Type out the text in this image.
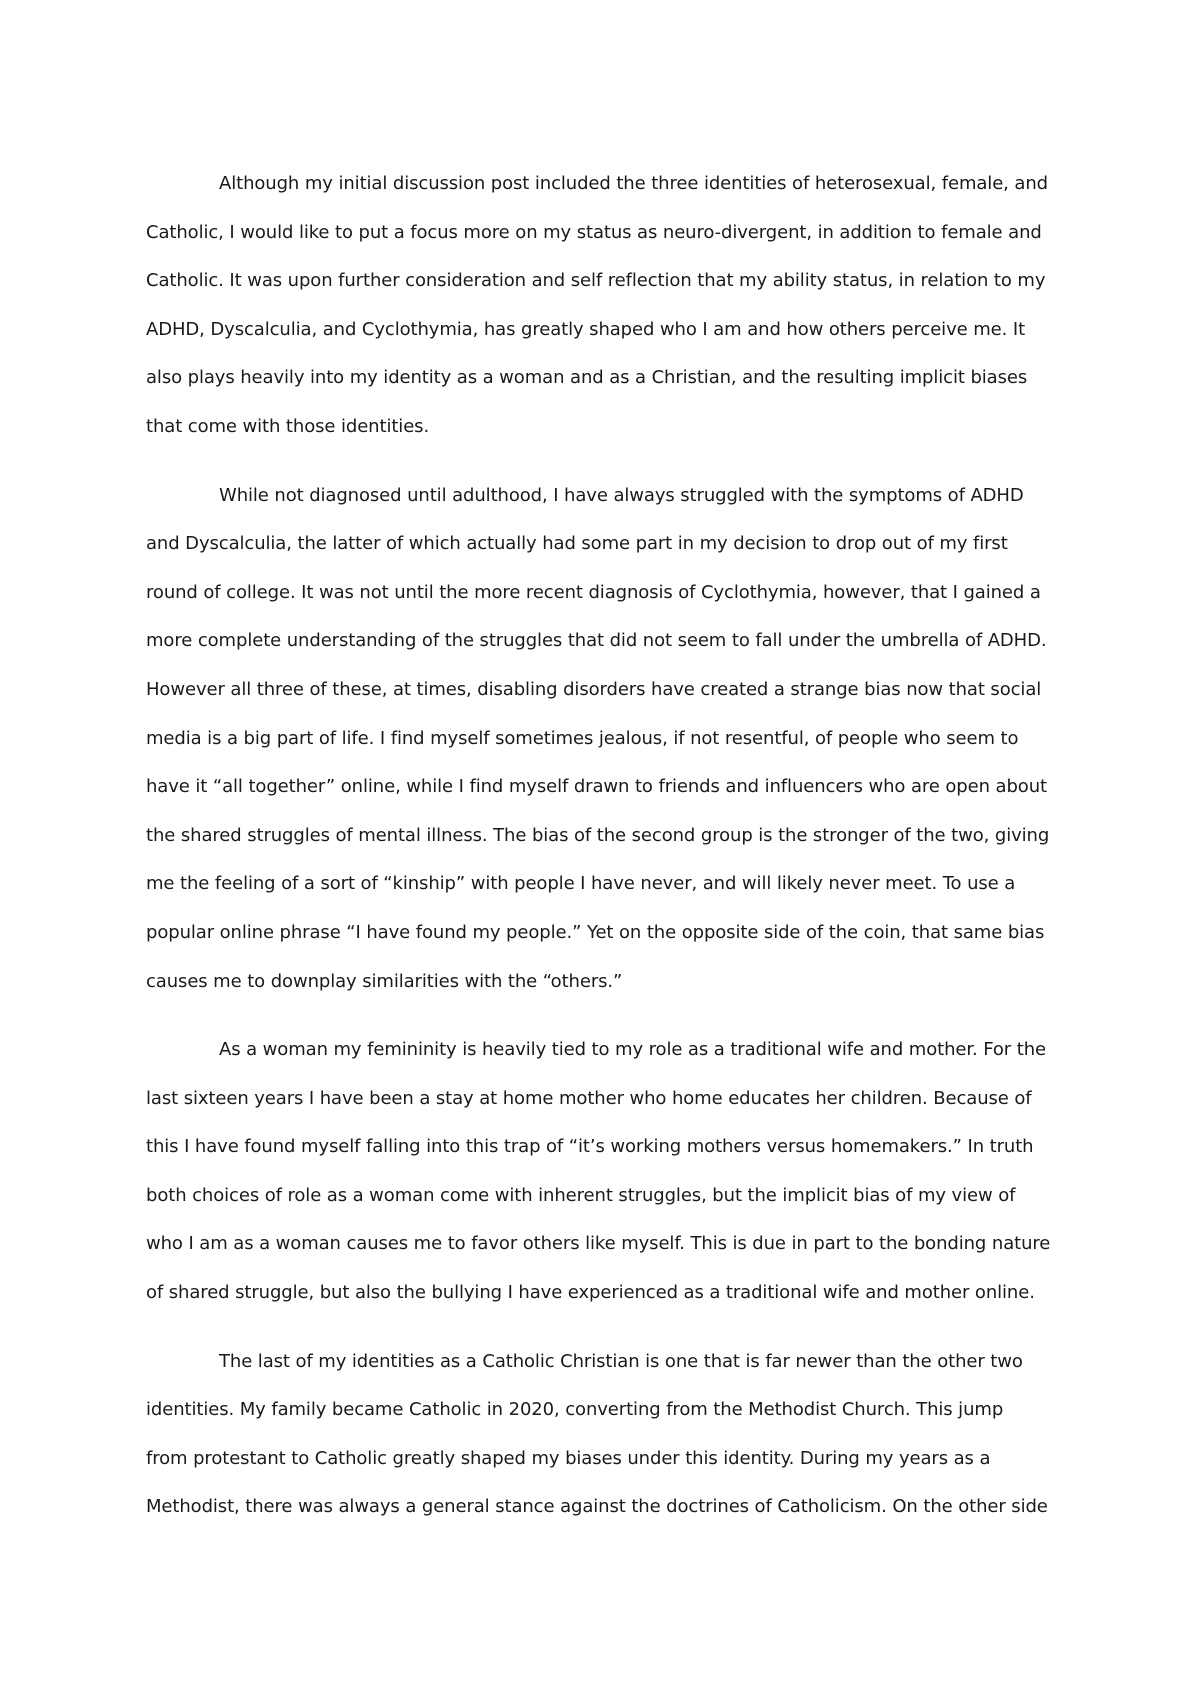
Although my initial discussion post included the three identities of heterosexual, female, and
Catholic, I would like to put a focus more on my status as neuro-divergent, in addition to female and
Catholic. It was upon further consideration and self reflection that my ability status, in relation to my
ADHD, Dyscalculia, and Cyclothymia, has greatly shaped who I am and how others perceive me. It
also plays heavily into my identity as a woman and as a Christian, and the resulting implicit biases
that come with those identities.

While not diagnosed until adulthood, I have always struggled with the symptoms of ADHD
and Dyscalculia, the latter of which actually had some part in my decision to drop out of my first
round of college. It was not until the more recent diagnosis of Cyclothymia, however, that I gained a
more complete understanding of the struggles that did not seem to fall under the umbrella of ADHD.
However all three of these, at times, disabling disorders have created a strange bias now that social
media is a big part of life. I find myself sometimes jealous, if not resentful, of people who seem to
have it “all together” online, while I find myself drawn to friends and influencers who are open about
the shared struggles of mental illness. The bias of the second group is the stronger of the two, giving
me the feeling of a sort of “kinship” with people I have never, and will likely never meet. To use a
popular online phrase “I have found my people.” Yet on the opposite side of the coin, that same bias
causes me to downplay similarities with the “others.”

As a woman my femininity is heavily tied to my role as a traditional wife and mother. For the
last sixteen years I have been a stay at home mother who home educates her children. Because of
this I have found myself falling into this trap of “it’s working mothers versus homemakers.” In truth
both choices of role as a woman come with inherent struggles, but the implicit bias of my view of
who I am as a woman causes me to favor others like myself. This is due in part to the bonding nature
of shared struggle, but also the bullying I have experienced as a traditional wife and mother online.

The last of my identities as a Catholic Christian is one that is far newer than the other two
identities. My family became Catholic in 2020, converting from the Methodist Church. This jump
from protestant to Catholic greatly shaped my biases under this identity. During my years as a
Methodist, there was always a general stance against the doctrines of Catholicism. On the other side
